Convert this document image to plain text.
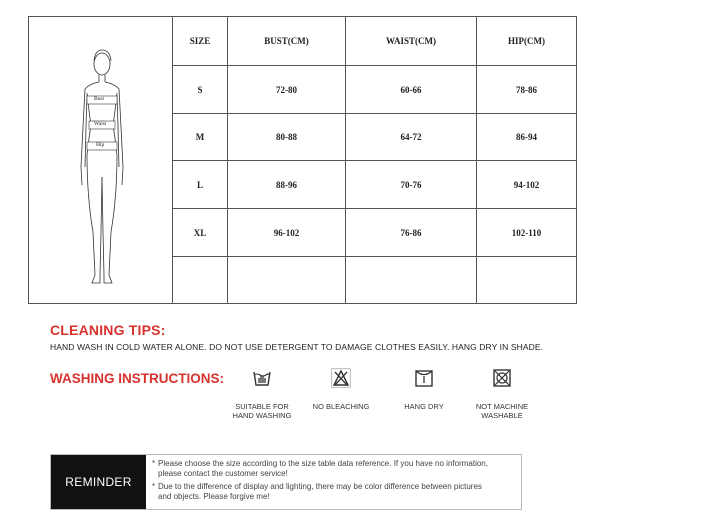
Bust
Waist
Hip
SIZE	BUST(CM)	WAIST(CM)	HIP(CM)
S	72-80	60-66	78-86
M	80-88	64-72	86-94
L	88-96	70-76	94-102
XL	96-102	76-86	102-110
CLEANING TIPS:
HAND WASH IN COLD WATER ALONE. DO NOT USE DETERGENT TO DAMAGE CLOTHES EASILY. HANG DRY IN SHADE.
WASHING INSTRUCTIONS:
SUITABLE FOR
HAND WASHING
NO BLEACHING	HANG DRY	NOT MACHINE
WASHABLE
REMINDER
* Please choose the size according to the size table data reference. If you have no information,
please contact the customer service!
* Due to the difference of display and lighting, there may be color difference between pictures
and objects. Please forgive me!
